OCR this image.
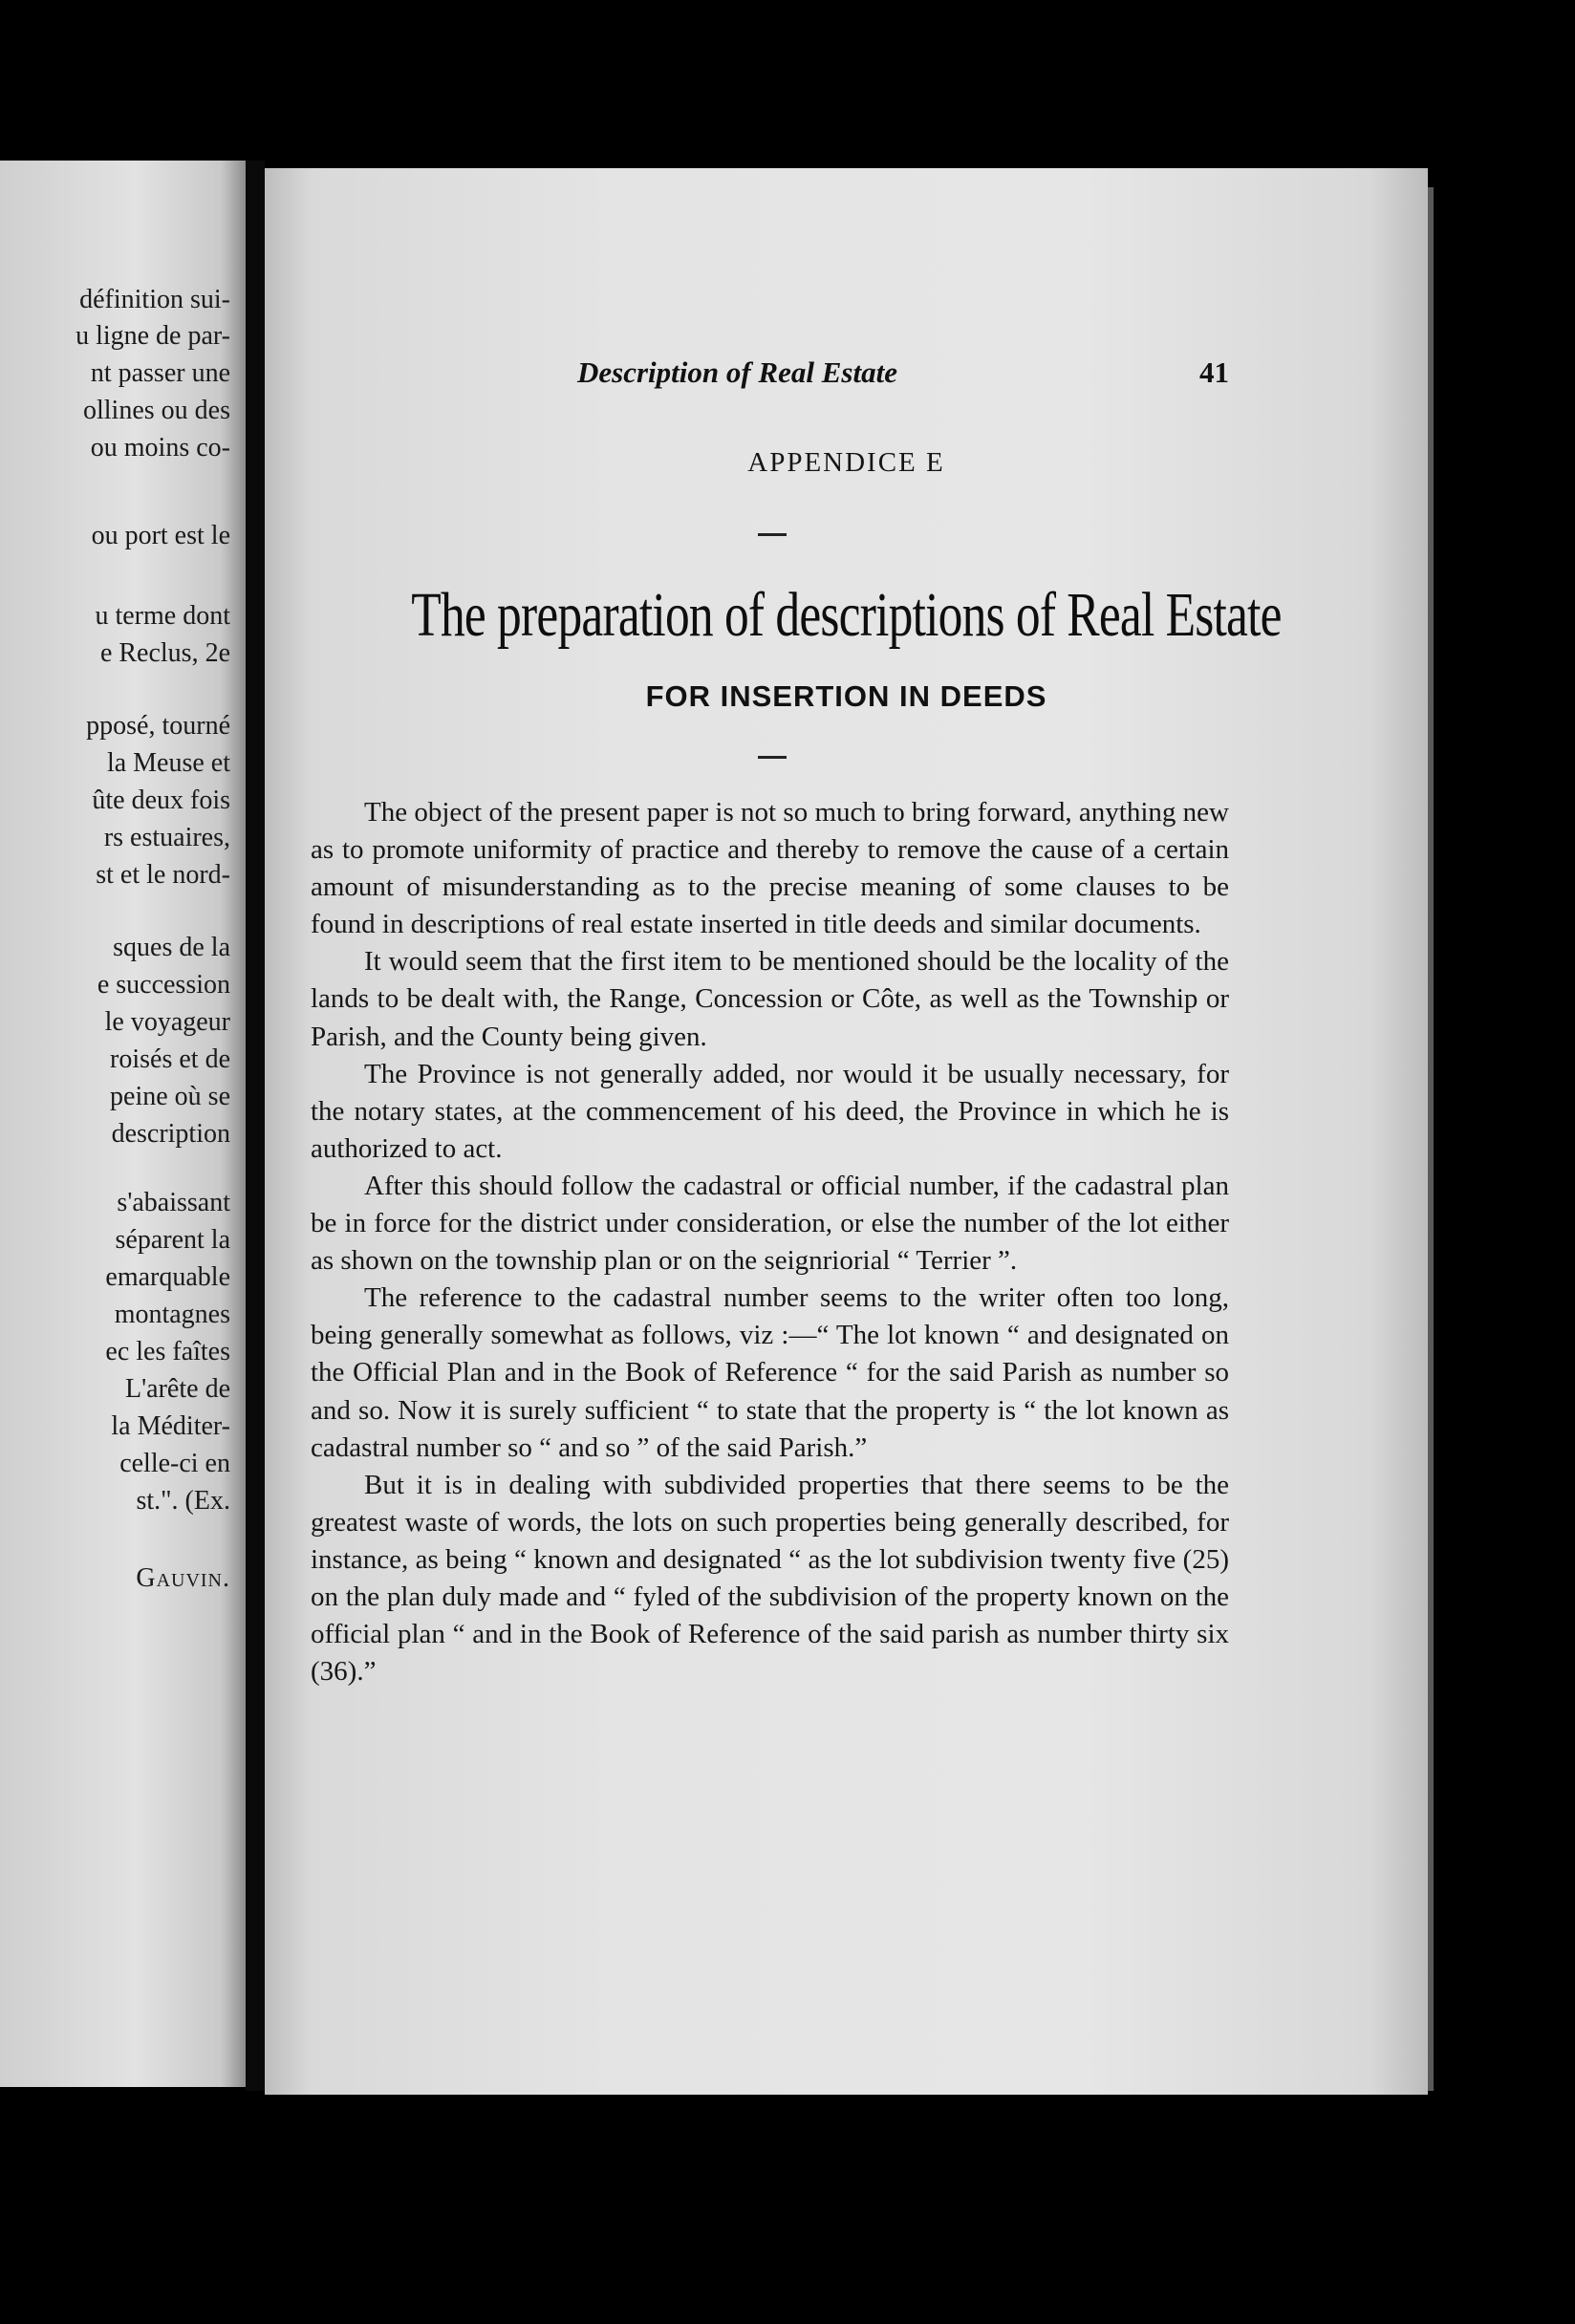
définition sui-
u ligne de par-
nt passer une
ollines ou des
ou moins co-
ou port est le
u terme dont
e Reclus, 2e
pposé, tourné
la Meuse et
ûte deux fois
rs estuaires,
st et le nord-
sques de la
e succession
le voyageur
roisés et de
peine où se
description
s'abaissant
séparent la
emarquable
montagnes
ec les faîtes
L'arête de
la Méditer-
celle-ci en
st.". (Ex.
Gauvin.
Description of Real Estate	41
APPENDICE E
The preparation of descriptions of Real Estate
FOR INSERTION IN DEEDS

The object of the present paper is not so much to bring forward, anything new as to promote uniformity of practice and thereby to remove the cause of a certain amount of misunderstanding as to the precise meaning of some clauses to be found in descriptions of real estate inserted in title deeds and similar documents.

It would seem that the first item to be mentioned should be the locality of the lands to be dealt with, the Range, Concession or Côte, as well as the Township or Parish, and the County being given.

The Province is not generally added, nor would it be usually necessary, for the notary states, at the commencement of his deed, the Province in which he is authorized to act.

After this should follow the cadastral or official number, if the cadastral plan be in force for the district under consideration, or else the number of the lot either as shown on the township plan or on the seignriorial “ Terrier ”.

The reference to the cadastral number seems to the writer often too long, being generally somewhat as follows, viz :—“ The lot known “ and designated on the Official Plan and in the Book of Reference “ for the said Parish as number so and so. Now it is surely sufficient “ to state that the property is “ the lot known as cadastral number so “ and so ” of the said Parish.”

But it is in dealing with subdivided properties that there seems to be the greatest waste of words, the lots on such properties being generally described, for instance, as being “ known and designated “ as the lot subdivision twenty five (25) on the plan duly made and “ fyled of the subdivision of the property known on the official plan “ and in the Book of Reference of the said parish as number thirty six (36).”
